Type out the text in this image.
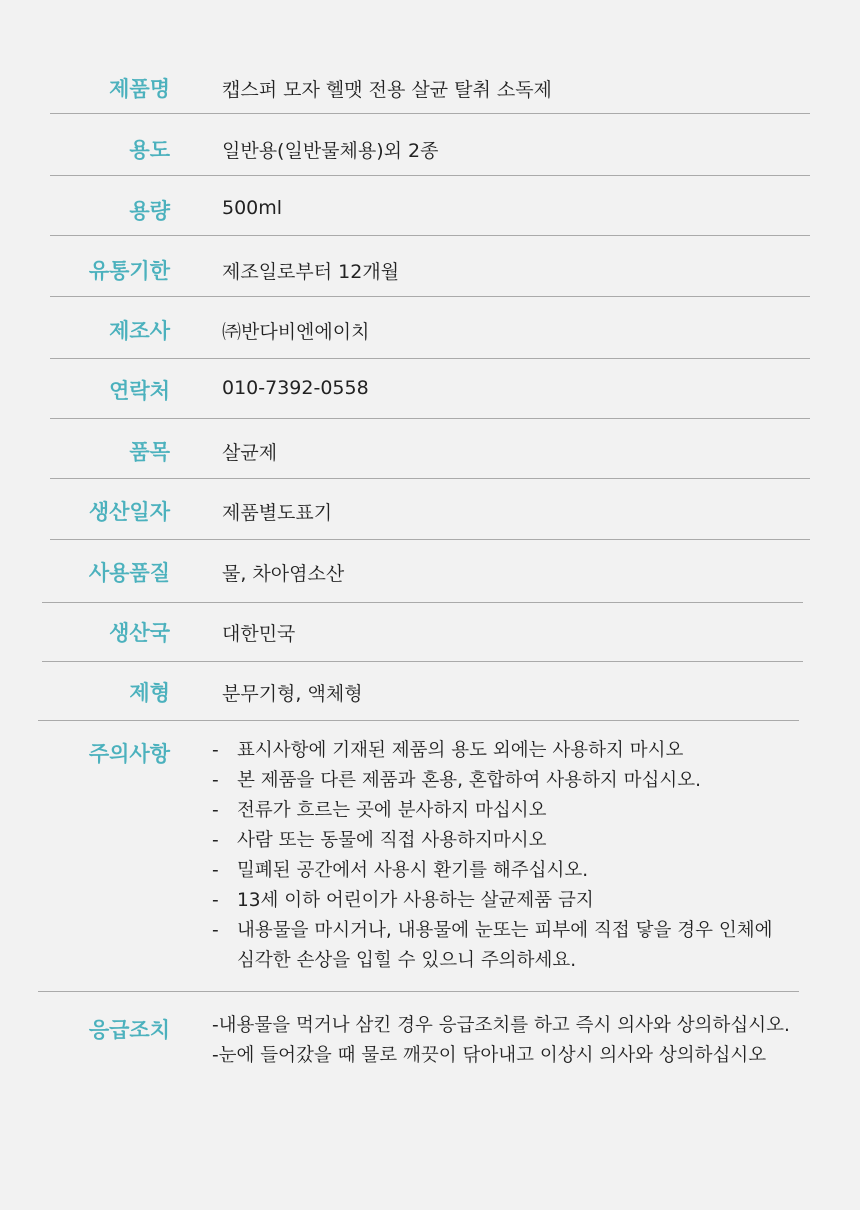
제품명	캡스퍼 모자 헬맷 전용 살균 탈취 소독제
용도	일반용(일반물체용)외 2종
용량	500ml
유통기한	제조일로부터 12개월
제조사	㈜반다비엔에이치
연락처	010-7392-0558
품목	살균제
생산일자	제품별도표기
사용품질	물, 차아염소산
생산국	대한민국
제형	분무기형, 액체형
주의사항 - 표시사항에 기재된 제품의 용도 외에는 사용하지 마시오
- 본 제품을 다른 제품과 혼용, 혼합하여 사용하지 마십시오.
- 전류가 흐르는 곳에 분사하지 마십시오
- 사람 또는 동물에 직접 사용하지마시오
- 밀폐된 공간에서 사용시 환기를 해주십시오.
- 13세 이하 어린이가 사용하는 살균제품 금지
- 내용물을 마시거나, 내용물에 눈또는 피부에 직접 닿을 경우 인체에
심각한 손상을 입힐 수 있으니 주의하세요.
응급조치 -내용물을 먹거나 삼킨 경우 응급조치를 하고 즉시 의사와 상의하십시오.
-눈에 들어갔을 때 물로 깨끗이 닦아내고 이상시 의사와 상의하십시오
